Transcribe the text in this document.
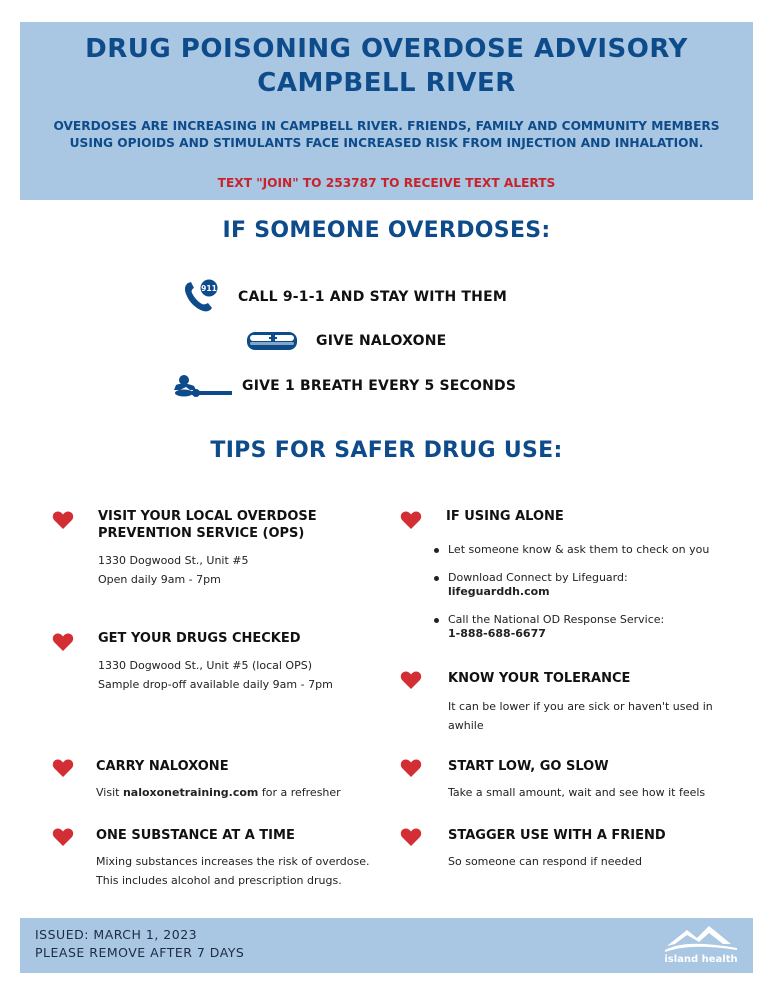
DRUG POISONING OVERDOSE ADVISORY
CAMPBELL RIVER
OVERDOSES ARE INCREASING IN CAMPBELL RIVER. FRIENDS, FAMILY AND COMMUNITY MEMBERS USING OPIOIDS AND STIMULANTS FACE INCREASED RISK FROM INJECTION AND INHALATION.
TEXT "JOIN" TO 253787 TO RECEIVE TEXT ALERTS
IF SOMEONE OVERDOSES:
911
CALL 9-1-1 AND STAY WITH THEM
GIVE NALOXONE
GIVE 1 BREATH EVERY 5 SECONDS
TIPS FOR SAFER DRUG USE:
VISIT YOUR LOCAL OVERDOSE
PREVENTION SERVICE (OPS)
1330 Dogwood St., Unit #5
Open daily 9am - 7pm
GET YOUR DRUGS CHECKED
1330 Dogwood St., Unit #5 (local OPS)
Sample drop-off available daily 9am - 7pm
CARRY NALOXONE
Visit naloxonetraining.com for a refresher
ONE SUBSTANCE AT A TIME
Mixing substances increases the risk of overdose.
This includes alcohol and prescription drugs.
IF USING ALONE
Let someone know & ask them to check on you
Download Connect by Lifeguard:
lifeguarddh.com
Call the National OD Response Service:
1-888-688-6677
KNOW YOUR TOLERANCE
It can be lower if you are sick or haven't used in
awhile
START LOW, GO SLOW
Take a small amount, wait and see how it feels
STAGGER USE WITH A FRIEND
So someone can respond if needed
ISSUED: MARCH 1, 2023
PLEASE REMOVE AFTER 7 DAYS	island health
